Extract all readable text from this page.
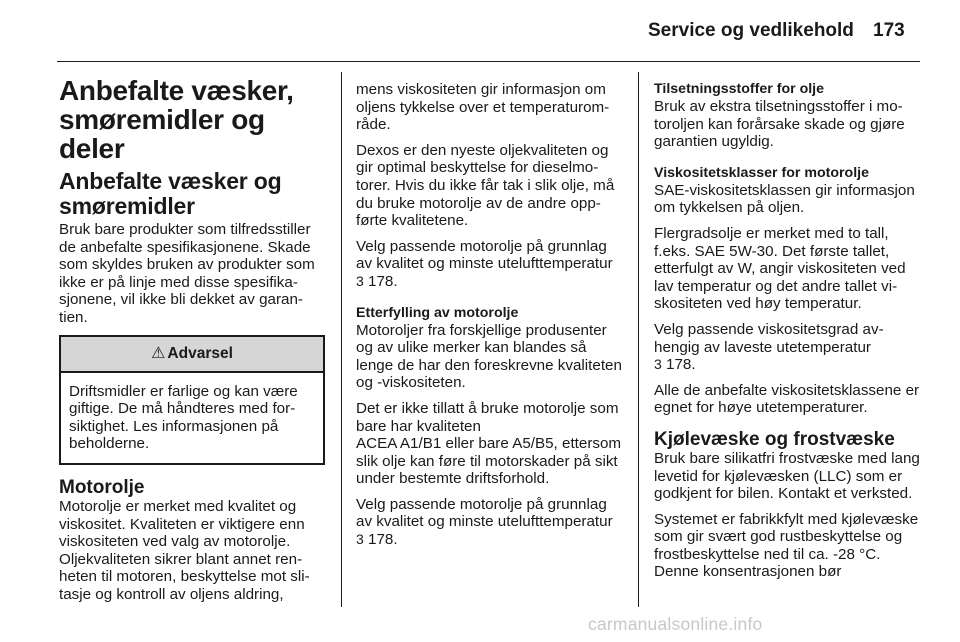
Service og vedlikehold 173
Anbefalte væsker,
smøremidler og deler
Anbefalte væsker og
smøremidler

Bruk bare produkter som tilfredsstiller de anbefalte spesifikasjonene. Skade som skyldes bruken av produkter som ikke er på linje med disse spesifikasjonene, vil ikke bli dekket av garantien.

⚠ Advarsel
Driftsmidler er farlige og kan være giftige. De må håndteres med forsiktighet. Les informasjonen på beholderne.
Motorolje

Motorolje er merket med kvalitet og viskositet. Kvaliteten er viktigere enn viskositeten ved valg av motorolje. Oljekvaliteten sikrer blant annet renheten til motoren, beskyttelse mot slitasje og kontroll av oljens aldring,

mens viskositeten gir informasjon om oljens tykkelse over et temperaturområde.

Dexos er den nyeste oljekvaliteten og gir optimal beskyttelse for dieselmotorer. Hvis du ikke får tak i slik olje, må du bruke motorolje av de andre oppførte kvalitetene.

Velg passende motorolje på grunnlag av kvalitet og minste utelufttemperatur 3 178.

Etterfylling av motorolje

Motoroljer fra forskjellige produsenter og av ulike merker kan blandes så lenge de har den foreskrevne kvaliteten og -viskositeten.

Det er ikke tillatt å bruke motorolje som bare har kvaliteten
ACEA A1/B1 eller bare A5/B5, ettersom slik olje kan føre til motorskader på sikt under bestemte driftsforhold.

Velg passende motorolje på grunnlag av kvalitet og minste utelufttemperatur 3 178.

Tilsetningsstoffer for olje

Bruk av ekstra tilsetningsstoffer i motoroljen kan forårsake skade og gjøre garantien ugyldig.

Viskositetsklasser for motorolje

SAE-viskositetsklassen gir informasjon om tykkelsen på oljen.

Flergradsolje er merket med to tall, f.eks. SAE 5W-30. Det første tallet, etterfulgt av W, angir viskositeten ved lav temperatur og det andre tallet viskositeten ved høy temperatur.

Velg passende viskositetsgrad avhengig av laveste utetemperatur
3 178.

Alle de anbefalte viskositetsklassene er egnet for høye utetemperaturer.

Kjølevæske og frostvæske

Bruk bare silikatfri frostvæske med lang levetid for kjølevæsken (LLC) som er godkjent for bilen. Kontakt et verksted.

Systemet er fabrikkfylt med kjølevæske som gir svært god rustbeskyttelse og frostbeskyttelse ned til ca. -28 °C. Denne konsentrasjonen bør

carmanualsonline.info
